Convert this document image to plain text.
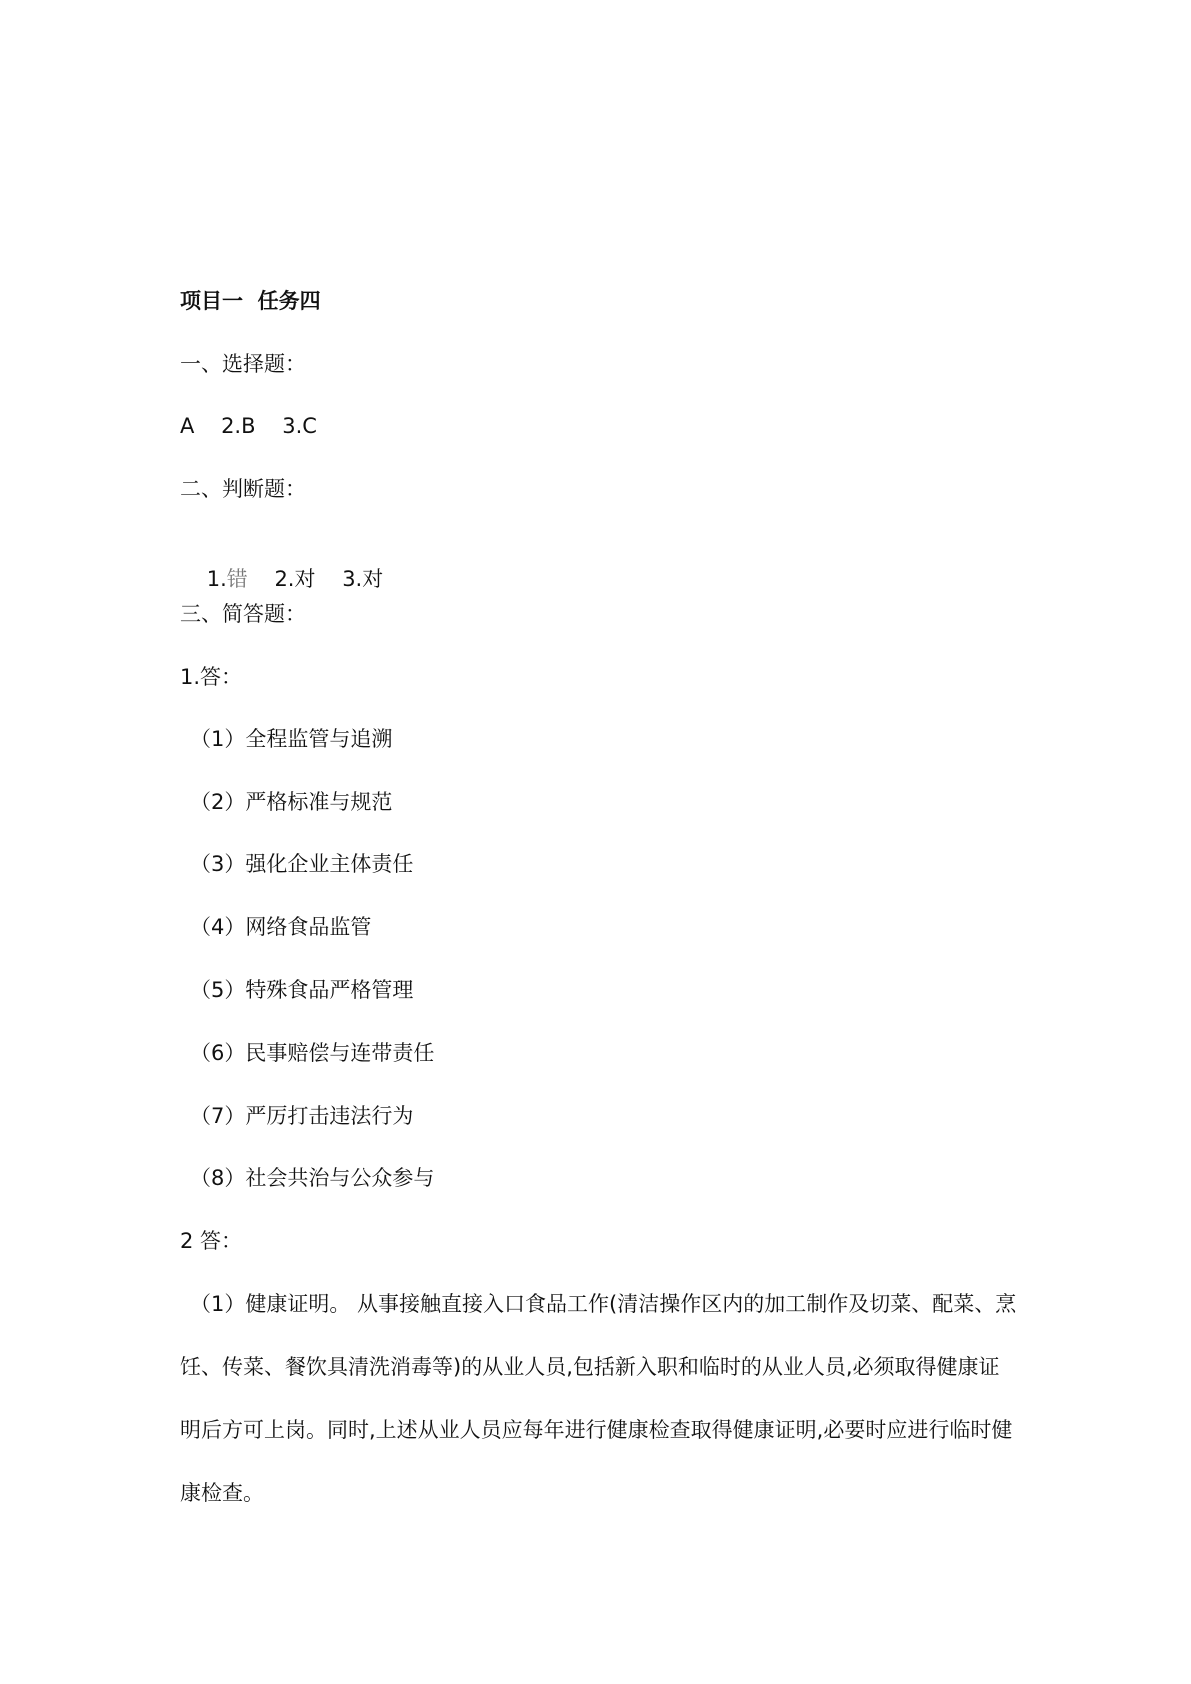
项目一  任务四
一、选择题：
A    2.B    3.C
二、判断题：

1.错    2.对    3.对

三、简答题：
1.答：
（1）全程监管与追溯
（2）严格标准与规范
（3）强化企业主体责任
（4）网络食品监管
（5）特殊食品严格管理
（6）民事赔偿与连带责任
（7）严厉打击违法行为
（8）社会共治与公众参与
2 答：
（1）健康证明。 从事接触直接入口食品工作(清洁操作区内的加工制作及切菜、配菜、烹饪、传菜、餐饮具清洗消毒等)的从业人员,包括新入职和临时的从业人员,必须取得健康证明后方可上岗。同时,上述从业人员应每年进行健康检查取得健康证明,必要时应进行临时健康检查。
